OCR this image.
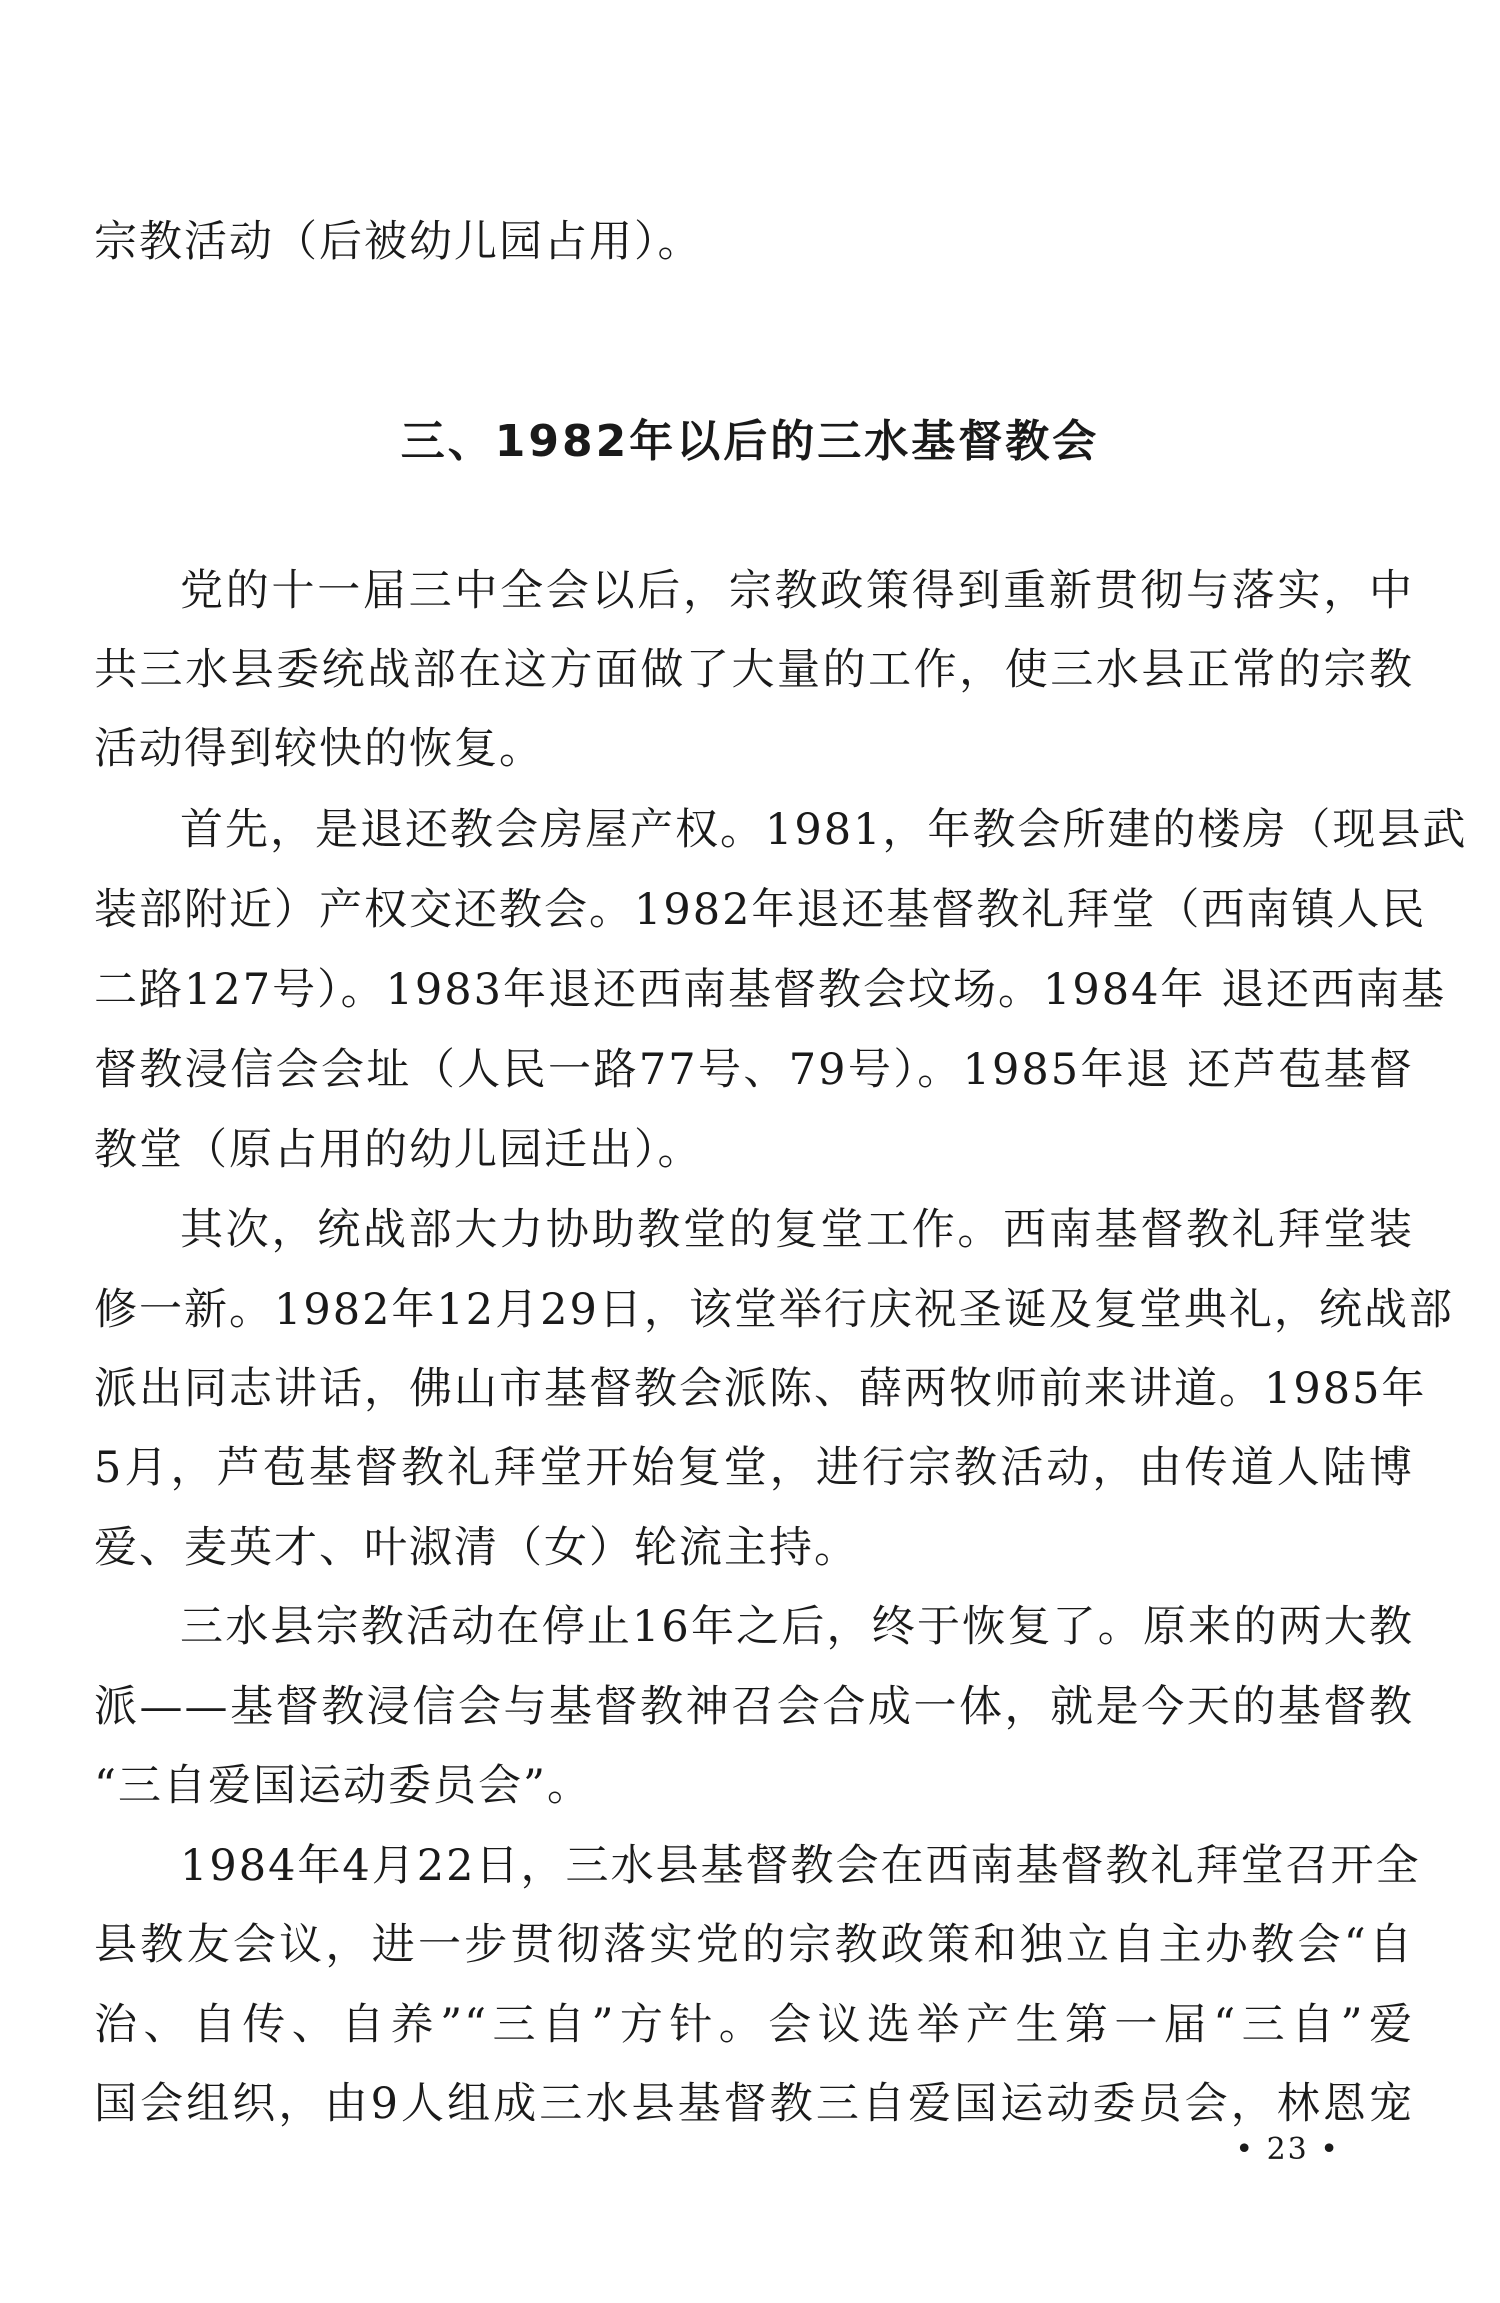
宗教活动（后被幼儿园占用）。
三、1982年以后的三水基督教会
党的十一届三中全会以后，宗教政策得到重新贯彻与落实，中
共三水县委统战部在这方面做了大量的工作，使三水县正常的宗教
活动得到较快的恢复。
首先，是退还教会房屋产权。1981，年教会所建的楼房（现县武
装部附近）产权交还教会。1982年退还基督教礼拜堂（西南镇人民
二路127号）。1983年退还西南基督教会坟场。1984年 退还西南基
督教浸信会会址（人民一路77号、79号）。1985年退 还芦苞基督
教堂（原占用的幼儿园迁出）。
其次，统战部大力协助教堂的复堂工作。西南基督教礼拜堂装
修一新。1982年12月29日，该堂举行庆祝圣诞及复堂典礼，统战部
派出同志讲话，佛山市基督教会派陈、薛两牧师前来讲道。1985年
5月，芦苞基督教礼拜堂开始复堂，进行宗教活动，由传道人陆博
爱、麦英才、叶淑清（女）轮流主持。
三水县宗教活动在停止16年之后，终于恢复了。原来的两大教
派——基督教浸信会与基督教神召会合成一体，就是今天的基督教
“三自爱国运动委员会”。
1984年4月22日，三水县基督教会在西南基督教礼拜堂召开全
县教友会议，进一步贯彻落实党的宗教政策和独立自主办教会“自
治、自传、自养”“三自”方针。会议选举产生第一届“三自”爱
国会组织，由9人组成三水县基督教三自爱国运动委员会，林恩宠
• 23 •
